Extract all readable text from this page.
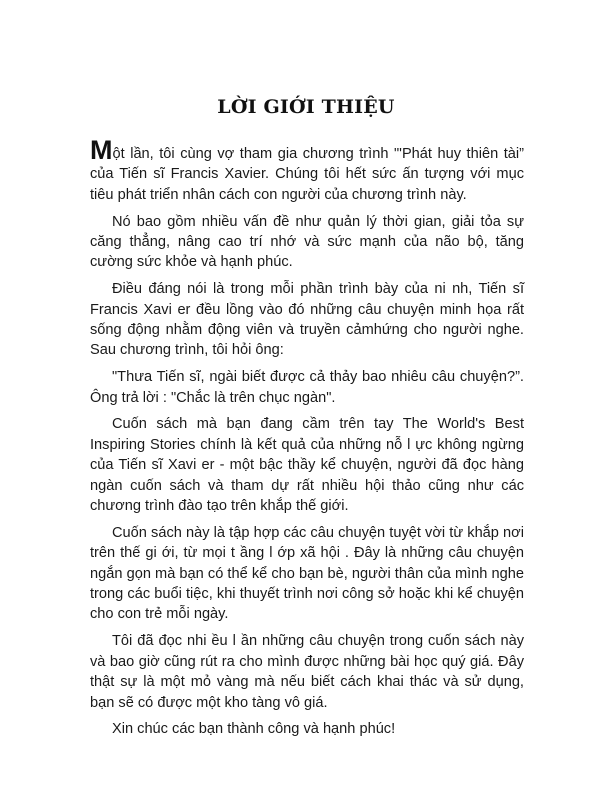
LỜI GIỚI THIỆU

Một lần, tôi cùng vợ tham gia chương trình "'Phát huy thiên tài” của Tiến sĩ Francis Xavier. Chúng tôi hết sức ấn tượng với mục tiêu phát triển nhân cách con người của chương trình này.

Nó bao gồm nhiều vấn đề như quản lý thời gian, giải tỏa sự căng thẳng, nâng cao trí nhớ và sức mạnh của não bộ, tăng cường sức khỏe và hạnh phúc.

Điều đáng nói là trong mỗi phần trình bày của ni nh, Tiến sĩ Francis Xavi er đều lồng vào đó những câu chuyện minh họa rất sống động nhằm động viên và truyền cảmhứng cho người nghe. Sau chương trình, tôi hỏi ông:

"Thưa Tiến sĩ, ngài biết được cả thảy bao nhiêu câu chuyện?”. Ông trả lời : "Chắc là trên chục ngàn".

Cuốn sách mà bạn đang cầm trên tay The World's Best Inspiring Stories chính là kết quả của những nỗ l ực không ngừng của Tiến sĩ Xavi er - một bậc thầy kể chuyện, người đã đọc hàng ngàn cuốn sách và tham dự rất nhiều hội thảo cũng như các chương trình đào tạo trên khắp thế giới.

Cuốn sách này là tập hợp các câu chuyện tuyệt vời từ khắp nơi trên thế gi ới, từ mọi t ầng l ớp xã hội . Đây là những câu chuyện ngắn gọn mà bạn có thể kể cho bạn bè, người thân của mình nghe trong các buổi tiệc, khi thuyết trình nơi công sở hoặc khi kể chuyện cho con trẻ mỗi ngày.

Tôi đã đọc nhi ều l ần những câu chuyện trong cuốn sách này và bao giờ cũng rút ra cho mình được những bài học quý giá. Đây thật sự là một mỏ vàng mà nếu biết cách khai thác và sử dụng, bạn sẽ có được một kho tàng vô giá.

Xin chúc các bạn thành công và hạnh phúc!
